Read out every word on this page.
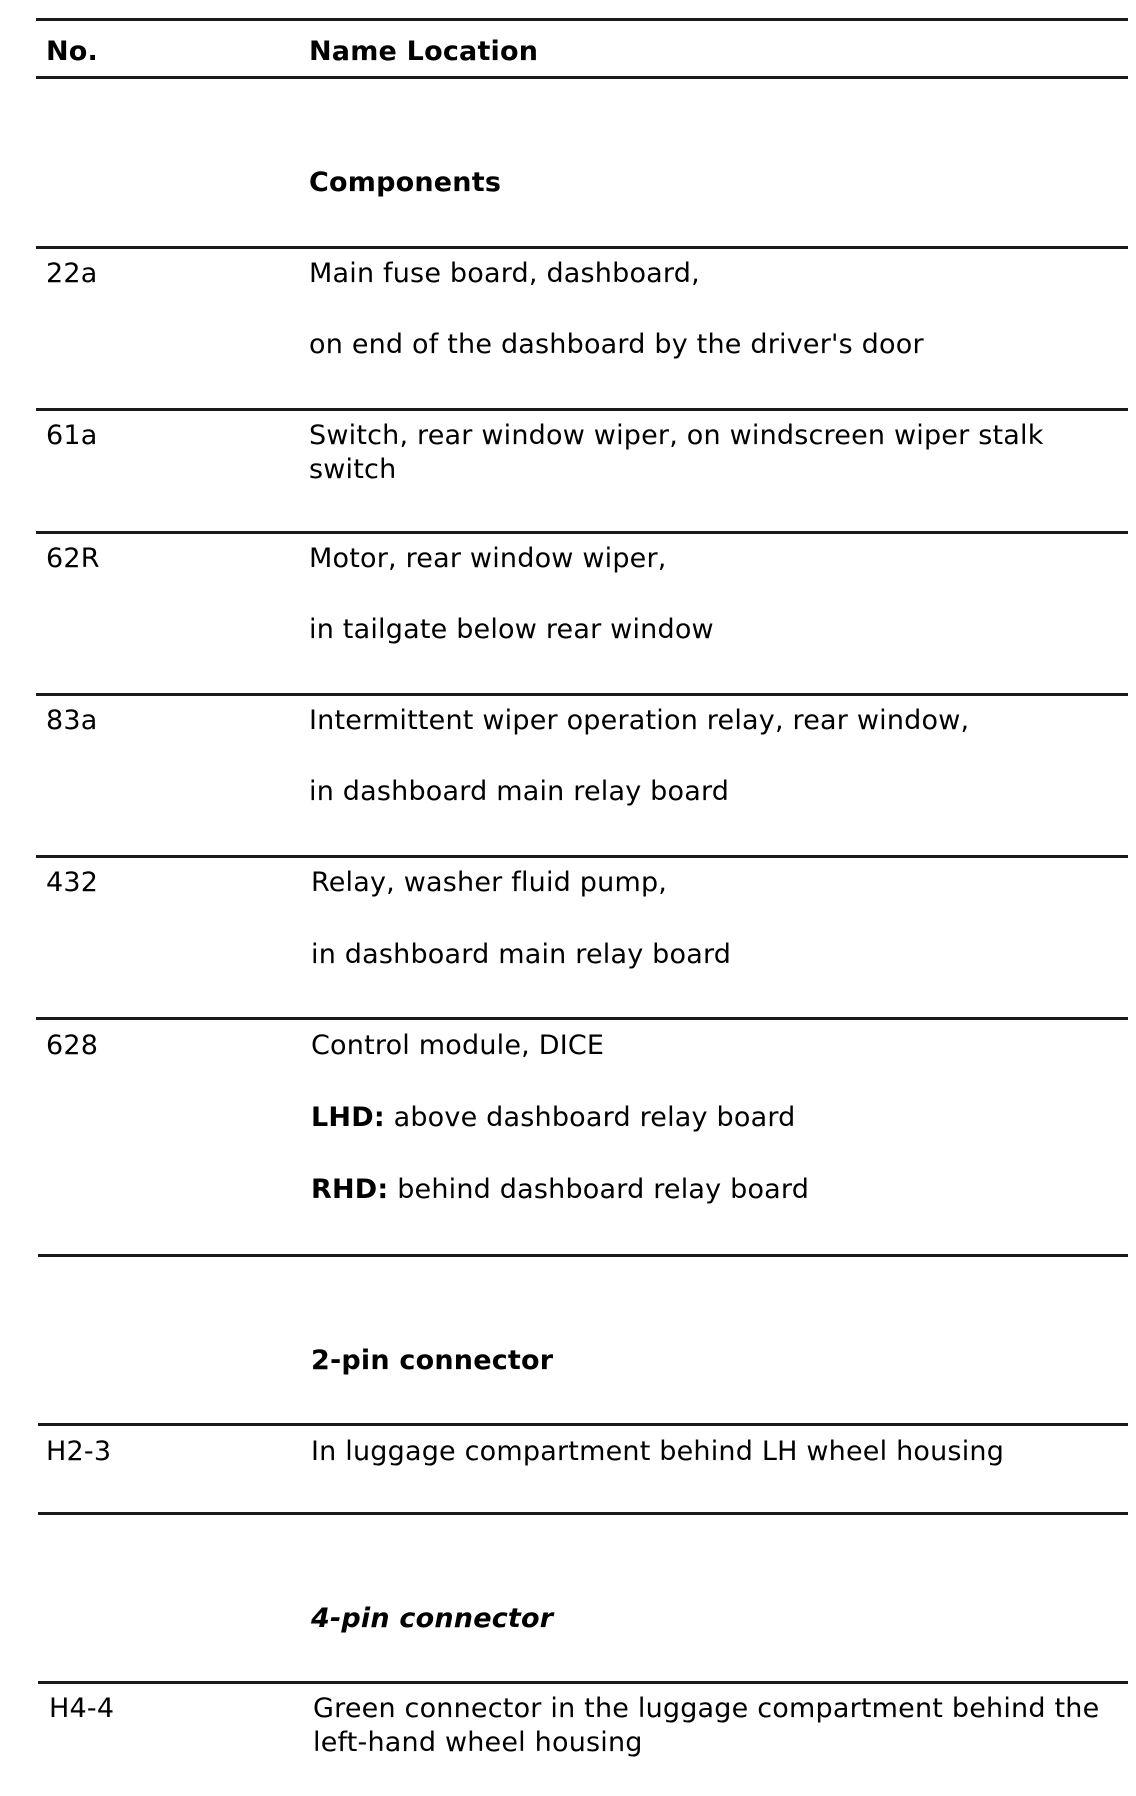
No.	Name Location
Components
22a	Main fuse board, dashboard,
on end of the dashboard by the driver's door
61a	Switch, rear window wiper, on windscreen wiper stalk switch
62R	Motor, rear window wiper,
in tailgate below rear window
83a	Intermittent wiper operation relay, rear window,
in dashboard main relay board
432	Relay, washer fluid pump,
in dashboard main relay board
628	Control module, DICE
LHD: above dashboard relay board
RHD: behind dashboard relay board
2-pin connector
H2-3	In luggage compartment behind LH wheel housing
4-pin connector
H4-4	Green connector in the luggage compartment behind the left-hand wheel housing
